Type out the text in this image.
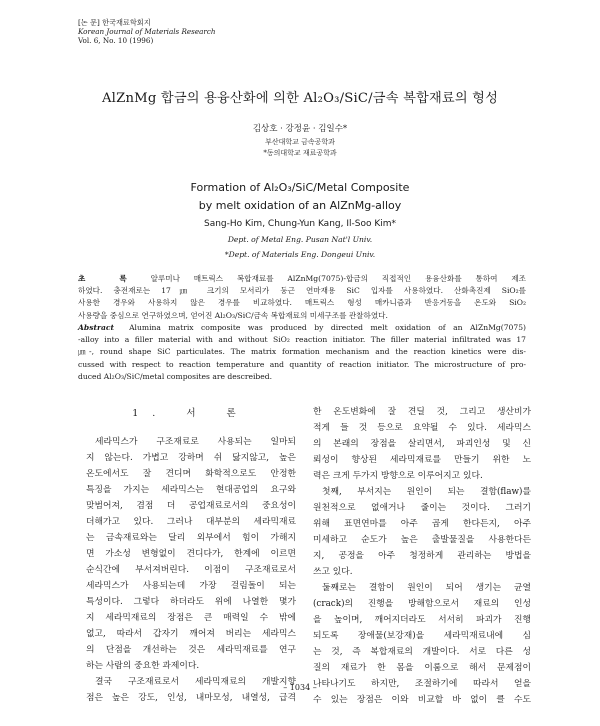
[논 문] 한국재료학회지
Korean Journal of Materials Research
Vol. 6, No. 10 (1996)
AlZnMg 합금의 용융산화에 의한 Al₂O₃/SiC/금속 복합재료의 형성
김상호 · 강정윤 · 김일수*
부산대학교 금속공학과
*동의대학교 재료공학과
Formation of Al₂O₃/SiC/Metal Composite
by melt oxidation of an AlZnMg-alloy
Sang-Ho Kim, Chung-Yun Kang, Il-Soo Kim*
Dept. of Metal Eng. Pusan Nat'l Univ.
*Dept. of Materials Eng. Dongeui Univ.
초 록 알루미나 매트릭스 복합재료를 AlZnMg(7075)-합금의 직접적인 용융산화를 통하여 제조
하였다. 충전재로는 17㎛ 크기의 모서리가 둥근 연마재용 SiC 입자를 사용하였다. 산화촉진제 SiO₂를
사용한 경우와 사용하지 않은 경우를 비교하였다. 매트릭스 형성 매카니즘과 반응거동을 온도와 SiO₂
사용량을 중심으로 연구하였으며, 얻어진 Al₂O₃/SiC/금속 복합재료의 미세구조를 관찰하였다.
Abstract Alumina matrix composite was produced by directed melt oxidation of an AlZnMg(7075)
-alloy into a filler material with and without SiO₂ reaction initiator. The filler material infiltrated was 17
㎛-, round shape SiC particulates. The matrix formation mechanism and the reaction kinetics were dis-
cussed with respect to reaction temperature and quantity of reaction initiator. The microstructure of pro-
duced Al₂O₃/SiC/metal composites are descreibed.
1. 서 론
세라믹스가 구조재료로 사용되는 일마되
지 않는다. 가볍고 강하며 쉬 닳지않고, 높은
온도에서도 잘 견디며 화학적으로도 안정한
특징을 가지는 세라믹스는 현대공업의 요구와
맞범어져, 겸점 더 공업재료로서의 중요성이
더해가고 있다. 그러나 대부분의 세라믹재료
는 금속재료와는 달리 외부에서 힘이 가해지
면 가소성 변형없이 견디다가, 한계에 이르면
순식간에 부서져버린다. 이점이 구조재료로서
세라믹스가 사용되는데 가장 걸림돌이 되는
특성이다. 그렇다 하더라도 위에 나열한 몇가
지 세라믹재료의 장점은 큰 매력일 수 밖에
없고, 따라서 갑자기 깨어져 버리는 세라믹스
의 단점을 개선하는 것은 세라믹재료를 연구
하는 사람의 중요한 과제이다.
결국 구조재료로서 세라믹재료의 개발지향
점은 높은 강도, 인성, 내마모성, 내열성, 급격
한 온도변화에 잘 견딜 것, 그리고 생산비가
적게 들 것 등으로 요약될 수 있다. 세라믹스
의 본래의 장점을 살리면서, 파괴인성 및 신
뢰성이 향상된 세라믹재료를 만들기 위한 노
력은 크게 두가지 방향으로 이루어지고 있다.
첫째, 부서지는 원인이 되는 결함(flaw)를
원천적으로 없애거나 줄이는 것이다. 그러기
위해 표면연마를 아주 곱게 한다든지, 아주
미세하고 순도가 높은 출발물질을 사용한다든
지, 공정을 아주 청정하게 관리하는 방법을
쓰고 있다.
둘째로는 결함이 원인이 되어 생기는 균열
(crack)의 진행을 방해함으로서 재료의 인성
을 높이며, 깨어지더라도 서서히 파괴가 진행
되도록 장애물(보강재)을 세라믹재료내에 심
는 것, 즉 복합재료의 개발이다. 서로 다른 성
질의 재료가 한 몸을 이룸으로 해서 문제점이
나타나기도 하지만, 조절하기에 따라서 얻을
수 있는 장점은 이와 비교할 바 없이 클 수도
– 1034 –
